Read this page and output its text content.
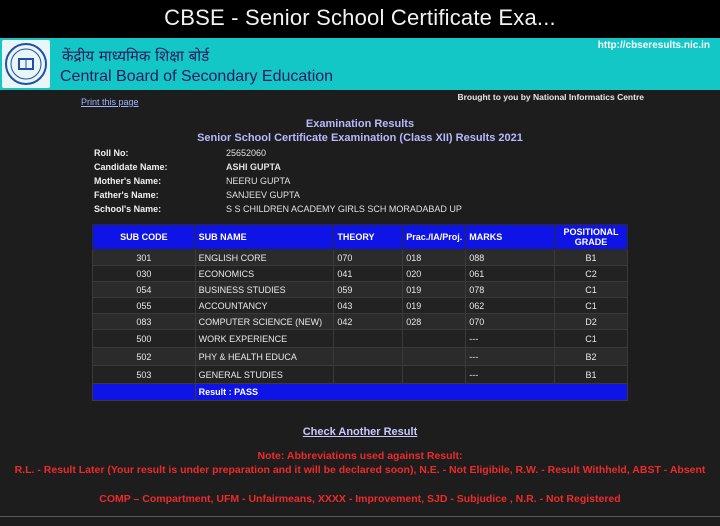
CBSE - Senior School Certificate Exa...
केंद्रीय माध्यमिक शिक्षा बोर्ड
Central Board of Secondary Education
http://cbseresults.nic.in
Print this page	Brought to you by National Informatics Centre
Examination Results
Senior School Certificate Examination (Class XII) Results 2021
Roll No:	25652060
Candidate Name:	ASHI GUPTA
Mother's Name:	NEERU GUPTA
Father's Name:	SANJEEV GUPTA
School's Name:	S S CHILDREN ACADEMY GIRLS SCH MORADABAD UP
SUB CODE	SUB NAME	THEORY	Prac./IA/Proj.	MARKS	POSITIONAL GRADE
301	ENGLISH CORE	070	018	088	B1
030	ECONOMICS	041	020	061	C2
054	BUSINESS STUDIES	059	019	078	C1
055	ACCOUNTANCY	043	019	062	C1
083	COMPUTER SCIENCE (NEW)	042	028	070	D2
500	WORK EXPERIENCE			---	C1
502	PHY & HEALTH EDUCA			---	B2
503	GENERAL STUDIES			---	B1
	Result : PASS				
Check Another Result
Note: Abbreviations used against Result:
R.L. - Result Later (Your result is under preparation and it will be declared soon), N.E. - Not Eligibile, R.W. - Result Withheld, ABST - Absent
COMP – Compartment, UFM - Unfairmeans, XXXX - Improvement, SJD - Subjudice , N.R. - Not Registered
